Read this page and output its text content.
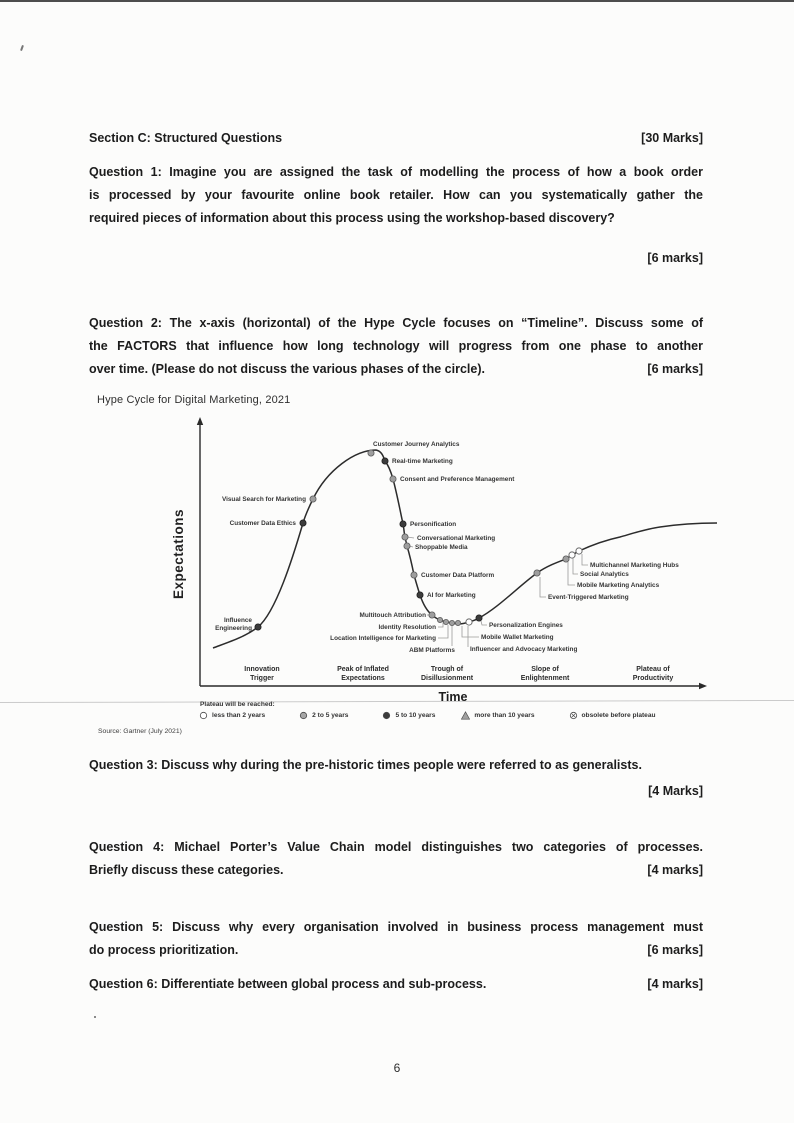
Section C: Structured Questions	[30 Marks]
Question 1: Imagine you are assigned the task of modelling the process of how a book order
is processed by your favourite online book retailer. How can you systematically gather the
required pieces of information about this process using the workshop-based discovery?
[6 marks]
Question 2: The x-axis (horizontal) of the Hype Cycle focuses on “Timeline”. Discuss some of
the FACTORS that influence how long technology will progress from one phase to another
[6 marks]
over time. (Please do not discuss the various phases of the circle).
Hype Cycle for Digital Marketing, 2021
Influence Engineering
Customer Data Ethics
Visual Search for Marketing
Customer Journey Analytics
Real-time Marketing
Consent and Preference Management
Personification
Conversational Marketing
Shoppable Media
Customer Data Platform
AI for Marketing
Multitouch Attribution
Identity Resolution
Location Intelligence for Marketing
ABM Platforms
Mobile Wallet Marketing
Influencer and Advocacy Marketing
Personalization Engines
Event-Triggered Marketing
Mobile Marketing Analytics
Social Analytics
Multichannel Marketing Hubs
Innovation Trigger
Peak of Inflated Expectations
Trough of Disillusionment
Slope of Enlightenment
Plateau of Productivity
Expectations
Time
Plateau will be reached:
less than 2 years	2 to 5 years	5 to 10 years	more than 10 years	obsolete before plateau
Source: Gartner (July 2021)
Question 3: Discuss why during the pre-historic times people were referred to as generalists.
[4 Marks]
Question 4: Michael Porter’s Value Chain model distinguishes two categories of processes.
[4 marks]
Briefly discuss these categories.
Question 5: Discuss why every organisation involved in business process management must
[6 marks]
do process prioritization.
[4 marks]
Question 6: Differentiate between global process and sub-process.
6
